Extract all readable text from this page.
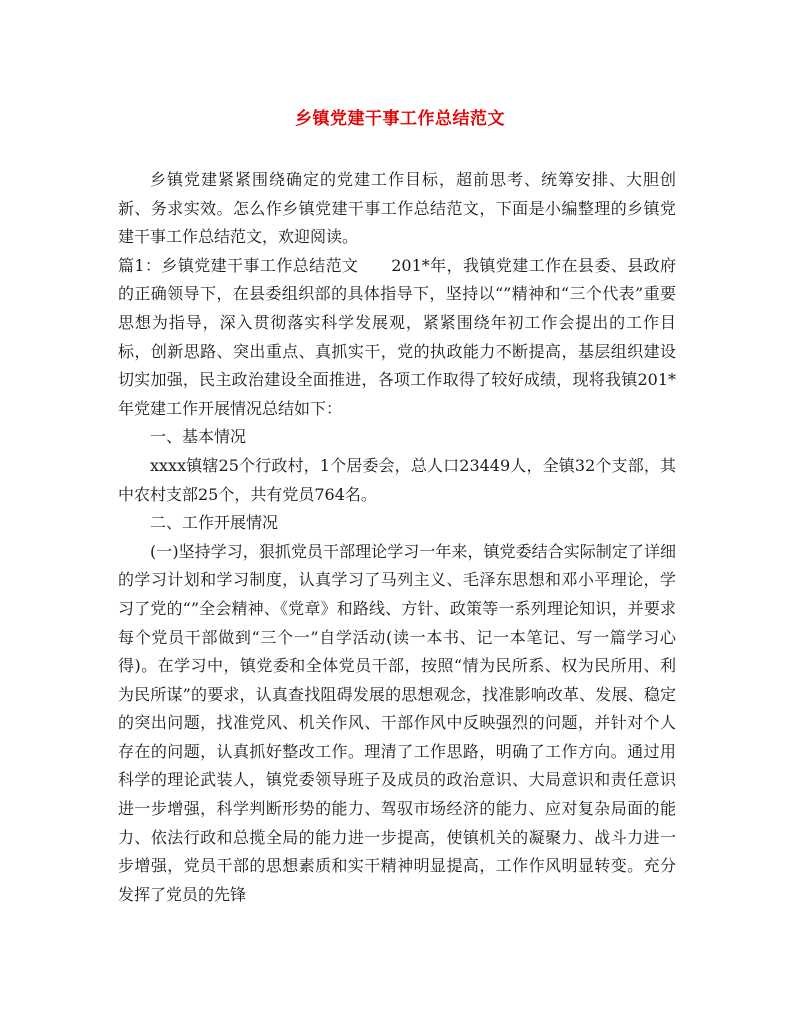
乡镇党建干事工作总结范文

乡镇党建紧紧围绕确定的党建工作目标，超前思考、统筹安排、大胆创新、务求实效。怎么作乡镇党建干事工作总结范文，下面是小编整理的乡镇党建干事工作总结范文，欢迎阅读。

篇1：乡镇党建干事工作总结范文　　201*年，我镇党建工作在县委、县政府的正确领导下，在县委组织部的具体指导下，坚持以“”精神和“三个代表”重要思想为指导，深入贯彻落实科学发展观，紧紧围绕年初工作会提出的工作目标，创新思路、突出重点、真抓实干，党的执政能力不断提高，基层组织建设切实加强，民主政治建设全面推进，各项工作取得了较好成绩，现将我镇201*年党建工作开展情况总结如下：

一、基本情况

xxxx镇辖25个行政村，1个居委会，总人口23449人，全镇32个支部，其中农村支部25个，共有党员764名。

二、工作开展情况

(一)坚持学习，狠抓党员干部理论学习一年来，镇党委结合实际制定了详细的学习计划和学习制度，认真学习了马列主义、毛泽东思想和邓小平理论，学习了党的“”全会精神、《党章》和路线、方针、政策等一系列理论知识，并要求每个党员干部做到“三个一”自学活动(读一本书、记一本笔记、写一篇学习心得)。在学习中，镇党委和全体党员干部，按照“情为民所系、权为民所用、利为民所谋”的要求，认真查找阻碍发展的思想观念，找准影响改革、发展、稳定的突出问题，找准党风、机关作风、干部作风中反映强烈的问题，并针对个人存在的问题，认真抓好整改工作。理清了工作思路，明确了工作方向。通过用科学的理论武装人，镇党委领导班子及成员的政治意识、大局意识和责任意识进一步增强，科学判断形势的能力、驾驭市场经济的能力、应对复杂局面的能力、依法行政和总揽全局的能力进一步提高，使镇机关的凝聚力、战斗力进一步增强，党员干部的思想素质和实干精神明显提高，工作作风明显转变。充分发挥了党员的先锋
